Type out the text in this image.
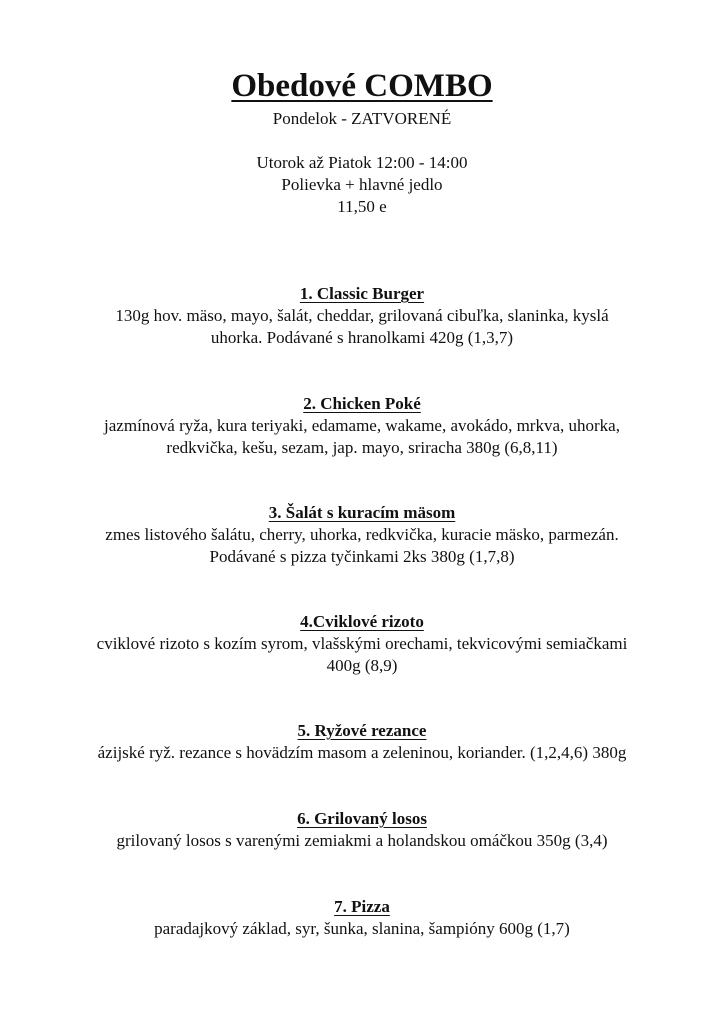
Obedové COMBO
Pondelok - ZATVORENÉ
Utorok až Piatok 12:00 - 14:00
Polievka + hlavné jedlo
11,50 e
1. Classic Burger
130g hov. mäso, mayo, šalát, cheddar, grilovaná cibuľka, slaninka, kyslá
uhorka. Podávané s hranolkami 420g (1,3,7)
2. Chicken Poké
jazmínová ryža, kura teriyaki, edamame, wakame, avokádo, mrkva, uhorka,
redkvička, kešu, sezam, jap. mayo, sriracha 380g (6,8,11)
3. Šalát s kuracím mäsom
zmes listového šalátu, cherry, uhorka, redkvička, kuracie mäsko, parmezán.
Podávané s pizza tyčinkami 2ks 380g (1,7,8)
4.Cviklové rizoto
cviklové rizoto s kozím syrom, vlašskými orechami, tekvicovými semiačkami
400g (8,9)
5. Ryžové rezance
ázijské ryž. rezance s hovädzím masom a zeleninou, koriander. (1,2,4,6) 380g
6. Grilovaný losos
grilovaný losos s varenými zemiakmi a holandskou omáčkou 350g (3,4)
7. Pizza
paradajkový základ, syr, šunka, slanina, šampióny 600g (1,7)
